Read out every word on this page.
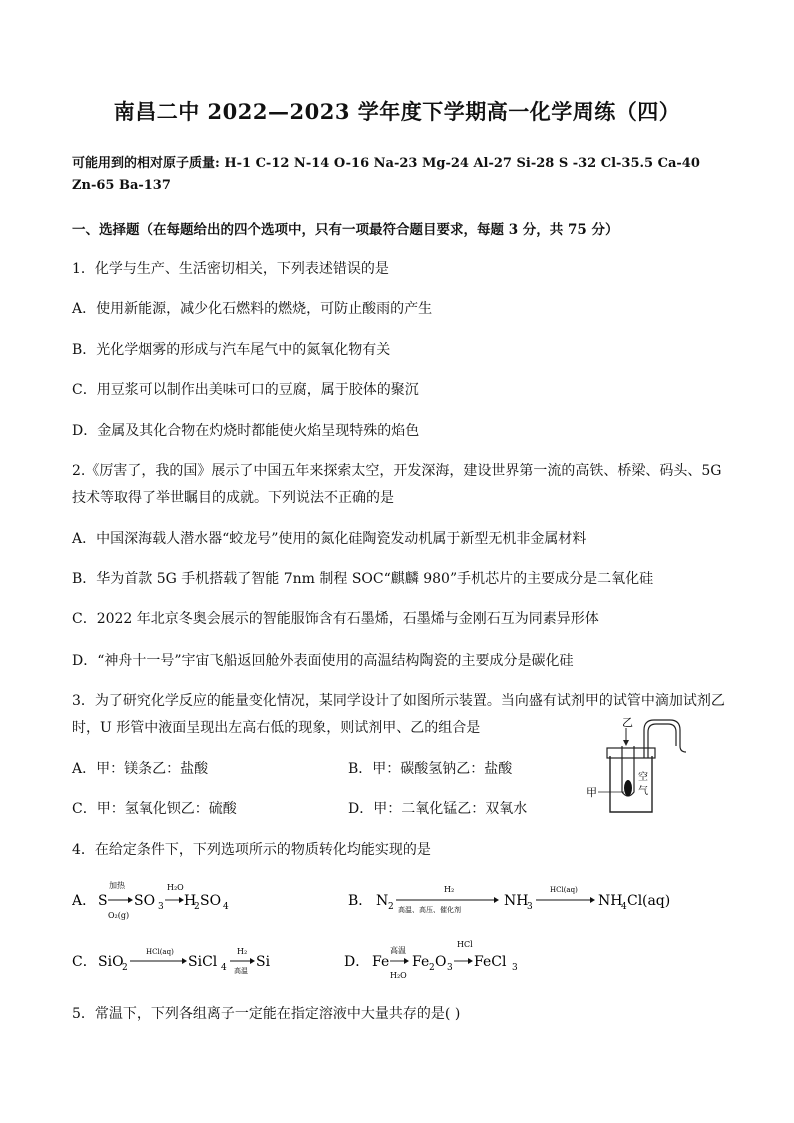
南昌二中 2022—2023 学年度下学期高一化学周练（四）
可能用到的相对原子质量: H-1 C-12 N-14 O-16 Na-23 Mg-24 Al-27 Si-28 S -32 Cl-35.5 Ca-40
Zn-65 Ba-137
一、选择题（在每题给出的四个选项中，只有一项最符合题目要求，每题 3 分，共 75 分）
1．化学与生产、生活密切相关，下列表述错误的是
A．使用新能源，减少化石燃料的燃烧，可防止酸雨的产生
B．光化学烟雾的形成与汽车尾气中的氮氧化物有关
C．用豆浆可以制作出美味可口的豆腐，属于胶体的聚沉
D．金属及其化合物在灼烧时都能使火焰呈现特殊的焰色
2.《厉害了，我的国》展示了中国五年来探索太空，开发深海，建设世界第一流的高铁、桥梁、码头、5G
技术等取得了举世瞩目的成就。下列说法不正确的是
A．中国深海载人潜水器“蛟龙号”使用的氮化硅陶瓷发动机属于新型无机非金属材料
B．华为首款 5G 手机搭载了智能 7nm 制程 SOC“麒麟 980”手机芯片的主要成分是二氧化硅
C．2022 年北京冬奥会展示的智能服饰含有石墨烯，石墨烯与金刚石互为同素异形体
D．“神舟十一号”宇宙飞船返回舱外表面使用的高温结构陶瓷的主要成分是碳化硅
3．为了研究化学反应的能量变化情况，某同学设计了如图所示装置。当向盛有试剂甲的试管中滴加试剂乙
时，U 形管中液面呈现出左高右低的现象，则试剂甲、乙的组合是
A．甲：镁条乙：盐酸	B．甲：碳酸氢钠乙：盐酸
C．甲：氢氧化钡乙：硫酸	D．甲：二氧化锰乙：双氧水
乙
甲
空
气
4．在给定条件下，下列选项所示的物质转化均能实现的是
A． S
加热
O₂(g)
SO 3
H₂O
H
2 SO 4	B． N 2
H₂
高温、高压、催化剂
NH
3
HCl(aq)
NH
4 Cl (aq)
C． SiO
2
HCl(aq)
SiCl 4
H₂
高温
Si	D． Fe
高温
H₂O
Fe 2 O 3
HCl
FeCl 3
5．常温下，下列各组离子一定能在指定溶液中大量共存的是( )
